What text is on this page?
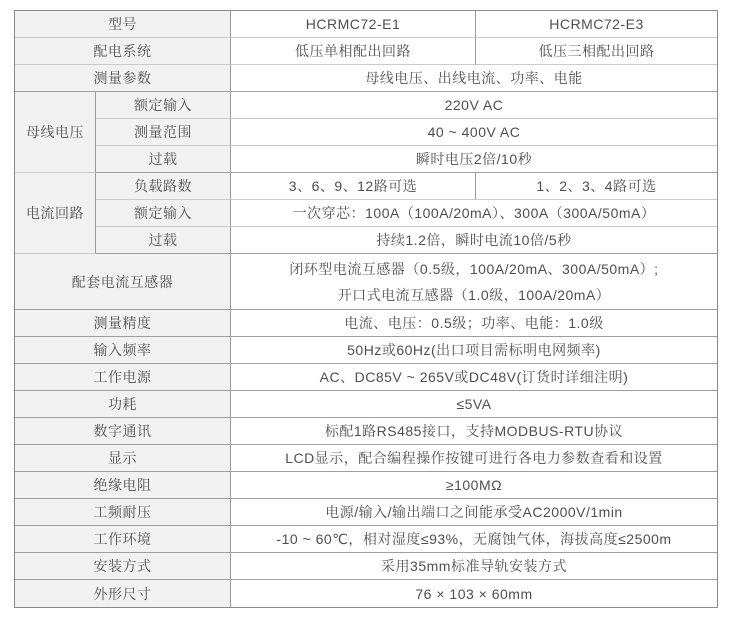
型号		HCRMC72-E1	HCRMC72-E3
配电系统		低压单相配出回路	低压三相配出回路
测量参数		母线电压、出线电流、功率、电能	
母线电压	额定输入	220V AC	
	测量范围	40 ~ 400V AC	
	过载	瞬时电压2倍/10秒	
电流回路	负载路数	3、6、9、12路可选	1、2、3、4路可选
	额定输入	一次穿芯：100A（100A/20mA）、300A（300A/50mA）	
	过载	持续1.2倍，瞬时电流10倍/5秒	
配套电流互感器		闭环型电流互感器（0.5级，100A/20mA、300A/50mA）;
开口式电流互感器（1.0级，100A/20mA）	

测量精度		电流、电压：0.5级；功率、电能：1.0级	
输入频率		50Hz或60Hz(出口项目需标明电网频率)	
工作电源		AC、DC85V ~ 265V或DC48V(订货时详细注明)	
功耗		≤5VA	
数字通讯		标配1路RS485接口，支持MODBUS-RTU协议	
显示		LCD显示，配合编程操作按键可进行各电力参数查看和设置	
绝缘电阻		≥100MΩ	
工频耐压		电源/输入/输出端口之间能承受AC2000V/1min	
工作环境		-10 ~ 60℃，相对湿度≤93%，无腐蚀气体，海拔高度≤2500m	
安装方式		采用35mm标准导轨安装方式	
外形尺寸		76 × 103 × 60mm	
